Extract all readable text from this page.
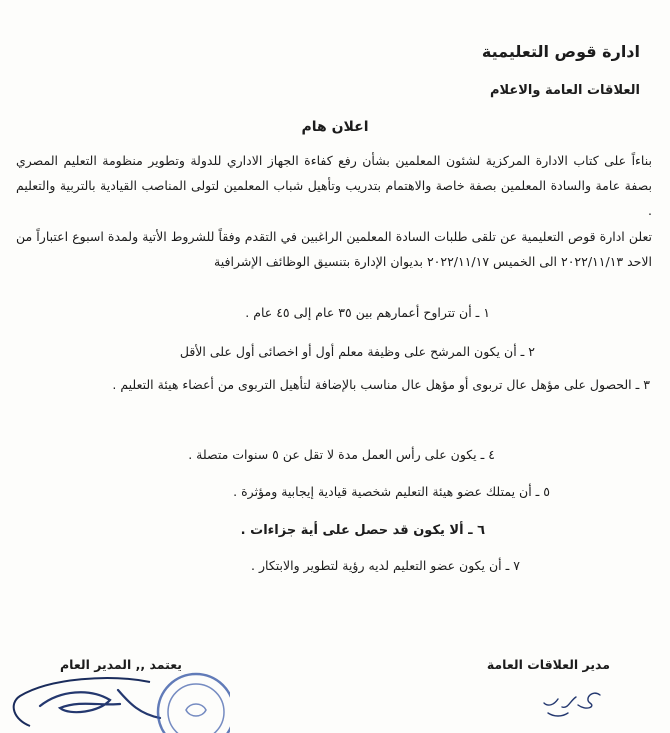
ادارة قوص التعليمية
العلاقات العامة والاعلام
اعلان هام
بناءاً على كتاب الادارة المركزية لشئون المعلمين بشأن رفع كفاءة الجهاز الاداري للدولة وتطوير منظومة التعليم المصري بصفة عامة والسادة المعلمين بصفة خاصة والاهتمام بتدريب وتأهيل شباب المعلمين لتولى المناصب القيادية بالتربية والتعليم .
تعلن ادارة قوص التعليمية عن تلقى طلبات السادة المعلمين الراغبين في التقدم وفقاً للشروط الأتية ولمدة اسبوع اعتباراً من الاحد ٢٠٢٢/١١/١٣ الى الخميس ٢٠٢٢/١١/١٧ بديوان الإدارة بتنسيق الوظائف الإشرافية
١ ـ أن تتراوح أعمارهم بين ٣٥ عام إلى ٤٥ عام .
٢ ـ أن يكون المرشح على وظيفة معلم أول أو اخصائى أول على الأقل
٣ ـ الحصول على مؤهل عال تربوى أو مؤهل عال مناسب بالإضافة لتأهيل التربوى من أعضاء هيئة التعليم .
٤ ـ يكون على رأس العمل مدة لا تقل عن ٥ سنوات متصلة .
٥ ـ أن يمتلك عضو هيئة التعليم شخصية قيادية إيجابية ومؤثرة .
٦ ـ ألا يكون قد حصل على أية جزاءات .
٧ ـ أن يكون عضو التعليم لديه رؤية لتطوير والابتكار .
مدير العلاقات العامة
يعتمد ,, المدير العام
